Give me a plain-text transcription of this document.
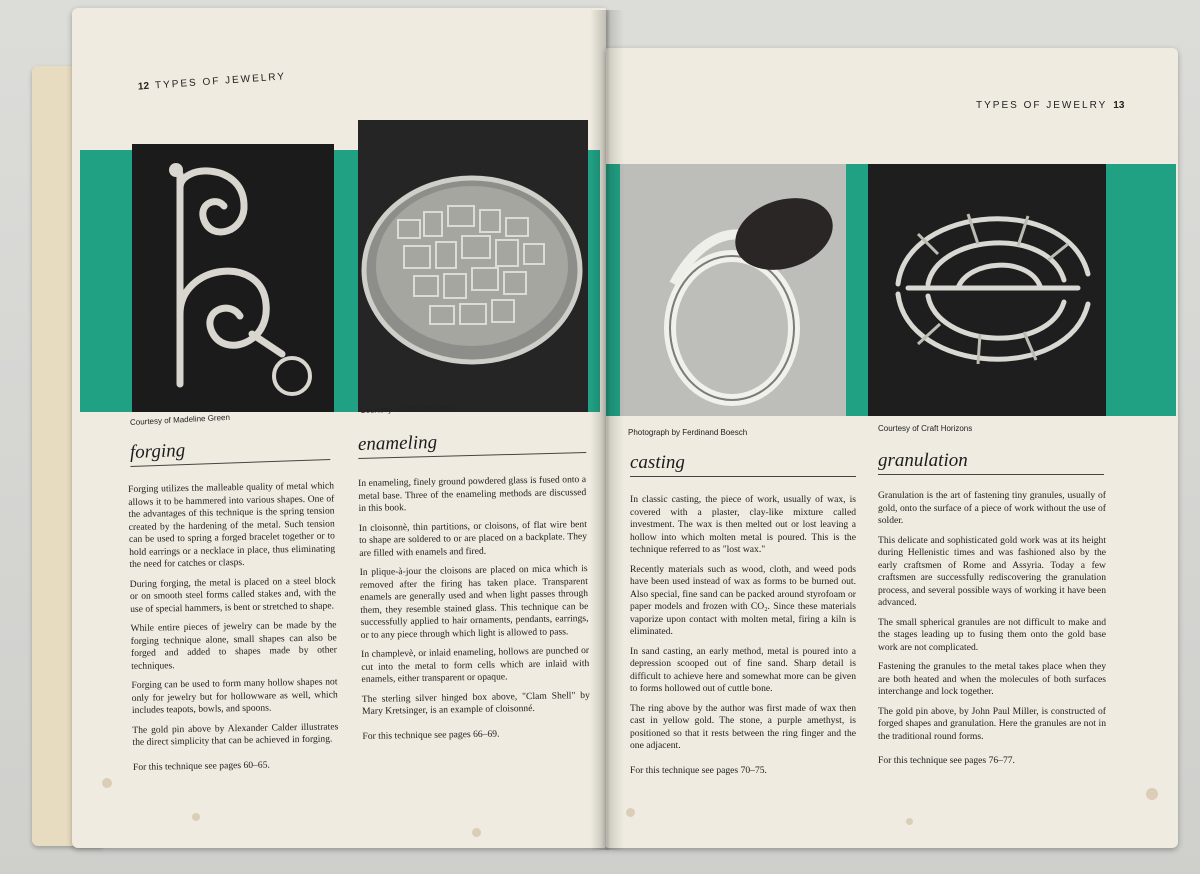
12 TYPES OF JEWELRY
Courtesy of Madeline Green
Courtesy of Craft Horizons
forging

Forging utilizes the malleable quality of metal which allows it to be hammered into various shapes. One of the advantages of this technique is the spring tension created by the hardening of the metal. Such tension can be used to spring a forged bracelet together or to hold earrings or a necklace in place, thus eliminating the need for catches or clasps.

During forging, the metal is placed on a steel block or on smooth steel forms called stakes and, with the use of special hammers, is bent or stretched to shape.

While entire pieces of jewelry can be made by the forging technique alone, small shapes can also be forged and added to shapes made by other techniques.

Forging can be used to form many hollow shapes not only for jewelry but for hollowware as well, which includes teapots, bowls, and spoons.

The gold pin above by Alexander Calder illustrates the direct simplicity that can be achieved in forging.

For this technique see pages 60–65.

enameling

In enameling, finely ground powdered glass is fused onto a metal base. Three of the enameling methods are discussed in this book.

In cloisonnè, thin partitions, or cloisons, of flat wire bent to shape are soldered to or are placed on a backplate. They are filled with enamels and fired.

In plique-à-jour the cloisons are placed on mica which is removed after the firing has taken place. Transparent enamels are generally used and when light passes through them, they resemble stained glass. This technique can be successfully applied to hair ornaments, pendants, earrings, or to any piece through which light is allowed to pass.

In champlevè, or inlaid enameling, hollows are punched or cut into the metal to form cells which are inlaid with enamels, either transparent or opaque.

The sterling silver hinged box above, "Clam Shell" by Mary Kretsinger, is an example of cloisonné.

For this technique see pages 66–69.

TYPES OF JEWELRY 13
Photograph by Ferdinand Boesch	Courtesy of Craft Horizons
casting

In classic casting, the piece of work, usually of wax, is covered with a plaster, clay-like mixture called investment. The wax is then melted out or lost leaving a hollow into which molten metal is poured. This is the technique referred to as "lost wax."

Recently materials such as wood, cloth, and weed pods have been used instead of wax as forms to be burned out. Also special, fine sand can be packed around styrofoam or paper models and frozen with CO₂. Since these materials vaporize upon contact with molten metal, firing a kiln is eliminated.

In sand casting, an early method, metal is poured into a depression scooped out of fine sand. Sharp detail is difficult to achieve here and somewhat more can be given to forms hollowed out of cuttle bone.

The ring above by the author was first made of wax then cast in yellow gold. The stone, a purple amethyst, is positioned so that it rests between the ring finger and the one adjacent.

For this technique see pages 70–75.

granulation

Granulation is the art of fastening tiny granules, usually of gold, onto the surface of a piece of work without the use of solder.

This delicate and sophisticated gold work was at its height during Hellenistic times and was fashioned also by the early craftsmen of Rome and Assyria. Today a few craftsmen are successfully rediscovering the granulation process, and several possible ways of working it have been advanced.

The small spherical granules are not difficult to make and the stages leading up to fusing them onto the gold base work are not complicated.

Fastening the granules to the metal takes place when they are both heated and when the molecules of both surfaces interchange and lock together.

The gold pin above, by John Paul Miller, is constructed of forged shapes and granulation. Here the granules are not in the traditional round forms.

For this technique see pages 76–77.
